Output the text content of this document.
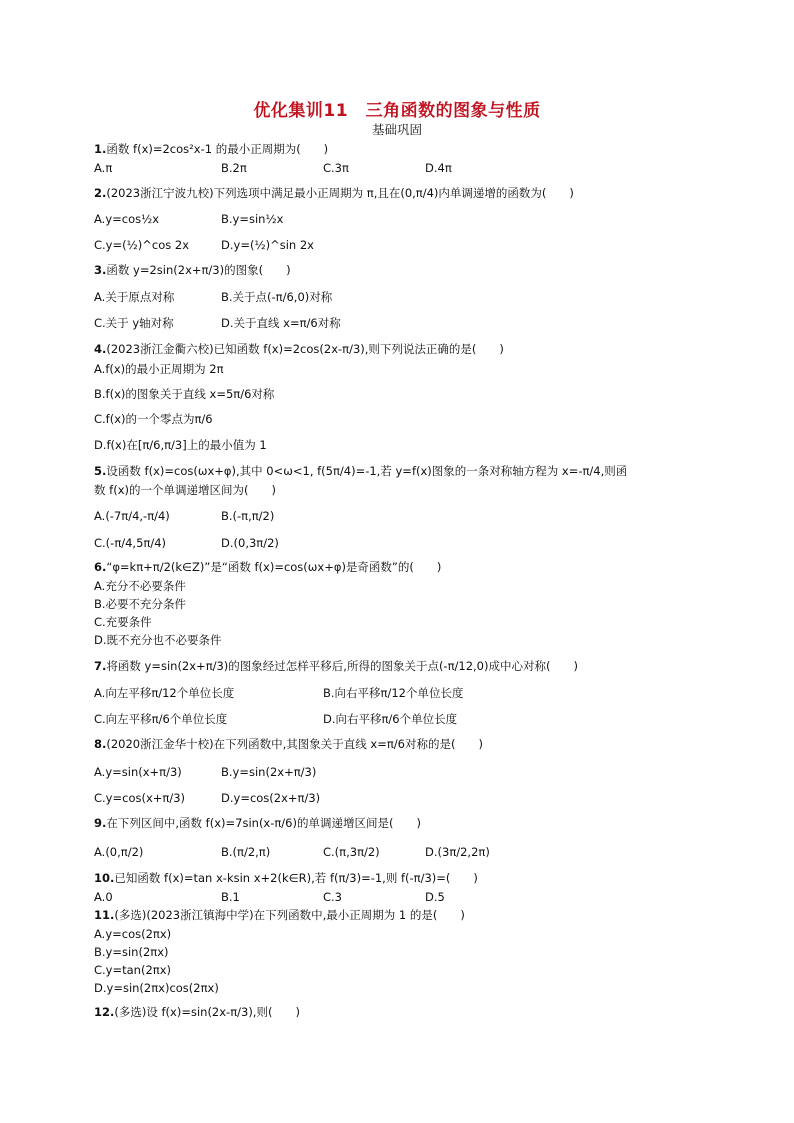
优化集训11　三角函数的图象与性质
基础巩固
1.函数 f(x)=2cos²x-1 的最小正周期为(　　)
A.π	B.2π	C.3π	D.4π
2.(2023浙江宁波九校)下列选项中满足最小正周期为 π,且在(0,π/4)内单调递增的函数为(　　)
A.y=cos½x	B.y=sin½x
C.y=(½)^cos 2x	D.y=(½)^sin 2x
3.函数 y=2sin(2x+π/3)的图象(　　)
A.关于原点对称	B.关于点(-π/6,0)对称
C.关于 y轴对称	D.关于直线 x=π/6对称
4.(2023浙江金衢六校)已知函数 f(x)=2cos(2x-π/3),则下列说法正确的是(　　)
A.f(x)的最小正周期为 2π
B.f(x)的图象关于直线 x=5π/6对称
C.f(x)的一个零点为π/6
D.f(x)在[π/6,π/3]上的最小值为 1
5.设函数 f(x)=cos(ωx+φ),其中 0<ω<1, f(5π/4)=-1,若 y=f(x)图象的一条对称轴方程为 x=-π/4,则函
数 f(x)的一个单调递增区间为(　　)
A.(-7π/4,-π/4)	B.(-π,π/2)
C.(-π/4,5π/4)	D.(0,3π/2)
6.“φ=kπ+π/2(k∈Z)”是“函数 f(x)=cos(ωx+φ)是奇函数”的(　　)
A.充分不必要条件
B.必要不充分条件
C.充要条件
D.既不充分也不必要条件
7.将函数 y=sin(2x+π/3)的图象经过怎样平移后,所得的图象关于点(-π/12,0)成中心对称(　　)
A.向左平移π/12个单位长度	B.向右平移π/12个单位长度
C.向左平移π/6个单位长度	D.向右平移π/6个单位长度
8.(2020浙江金华十校)在下列函数中,其图象关于直线 x=π/6对称的是(　　)
A.y=sin(x+π/3)	B.y=sin(2x+π/3)
C.y=cos(x+π/3)	D.y=cos(2x+π/3)
9.在下列区间中,函数 f(x)=7sin(x-π/6)的单调递增区间是(　　)
A.(0,π/2)	B.(π/2,π)	C.(π,3π/2)	D.(3π/2,2π)
10.已知函数 f(x)=tan x-ksin x+2(k∈R),若 f(π/3)=-1,则 f(-π/3)=(　　)
A.0	B.1	C.3	D.5
11.(多选)(2023浙江镇海中学)在下列函数中,最小正周期为 1 的是(　　)
A.y=cos(2πx)
B.y=sin(2πx)
C.y=tan(2πx)
D.y=sin(2πx)cos(2πx)
12.(多选)设 f(x)=sin(2x-π/3),则(　　)
